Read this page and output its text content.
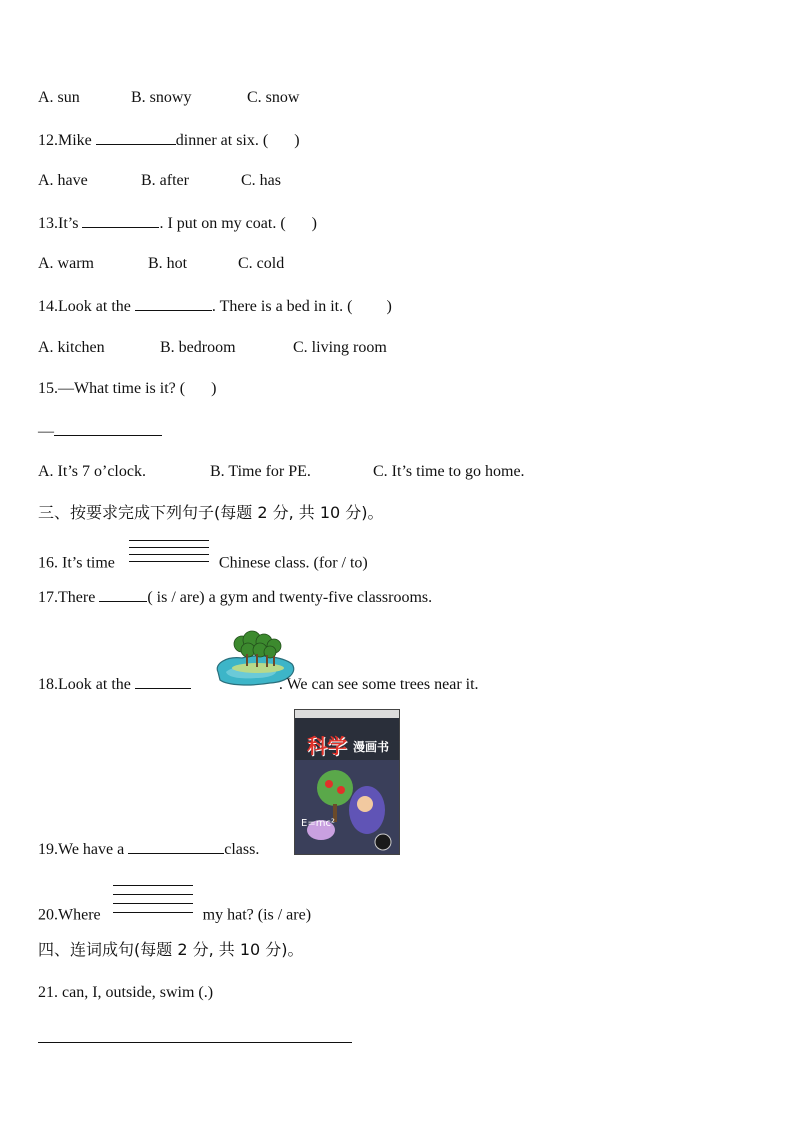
A. sun	B. snowy	C. snow
12.Mike	dinner at six. ( )
A. have	B. after	C. has
13.It’s	. I put on my coat. ( )
A. warm	B. hot	C. cold
14.Look at the	. There is a bed in it. ( )
A. kitchen	B. bedroom	C. living room
15.—What time is it? ( )
—
A. It’s 7 o’clock.	B. Time for PE.	C. It’s time to go home.
三、按要求完成下列句子(每题 2 分, 共 10 分)。
16. It’s time	Chinese class. (for / to)
17.There	( is / are) a gym and twenty-five classrooms.
18.Look at the	. We can see some trees near it.
科学 漫画书
E=mc²
19.We have a	class.
20.Where	my hat? (is / are)
四、连词成句(每题 2 分, 共 10 分)。
21. can, I, outside, swim (.)
